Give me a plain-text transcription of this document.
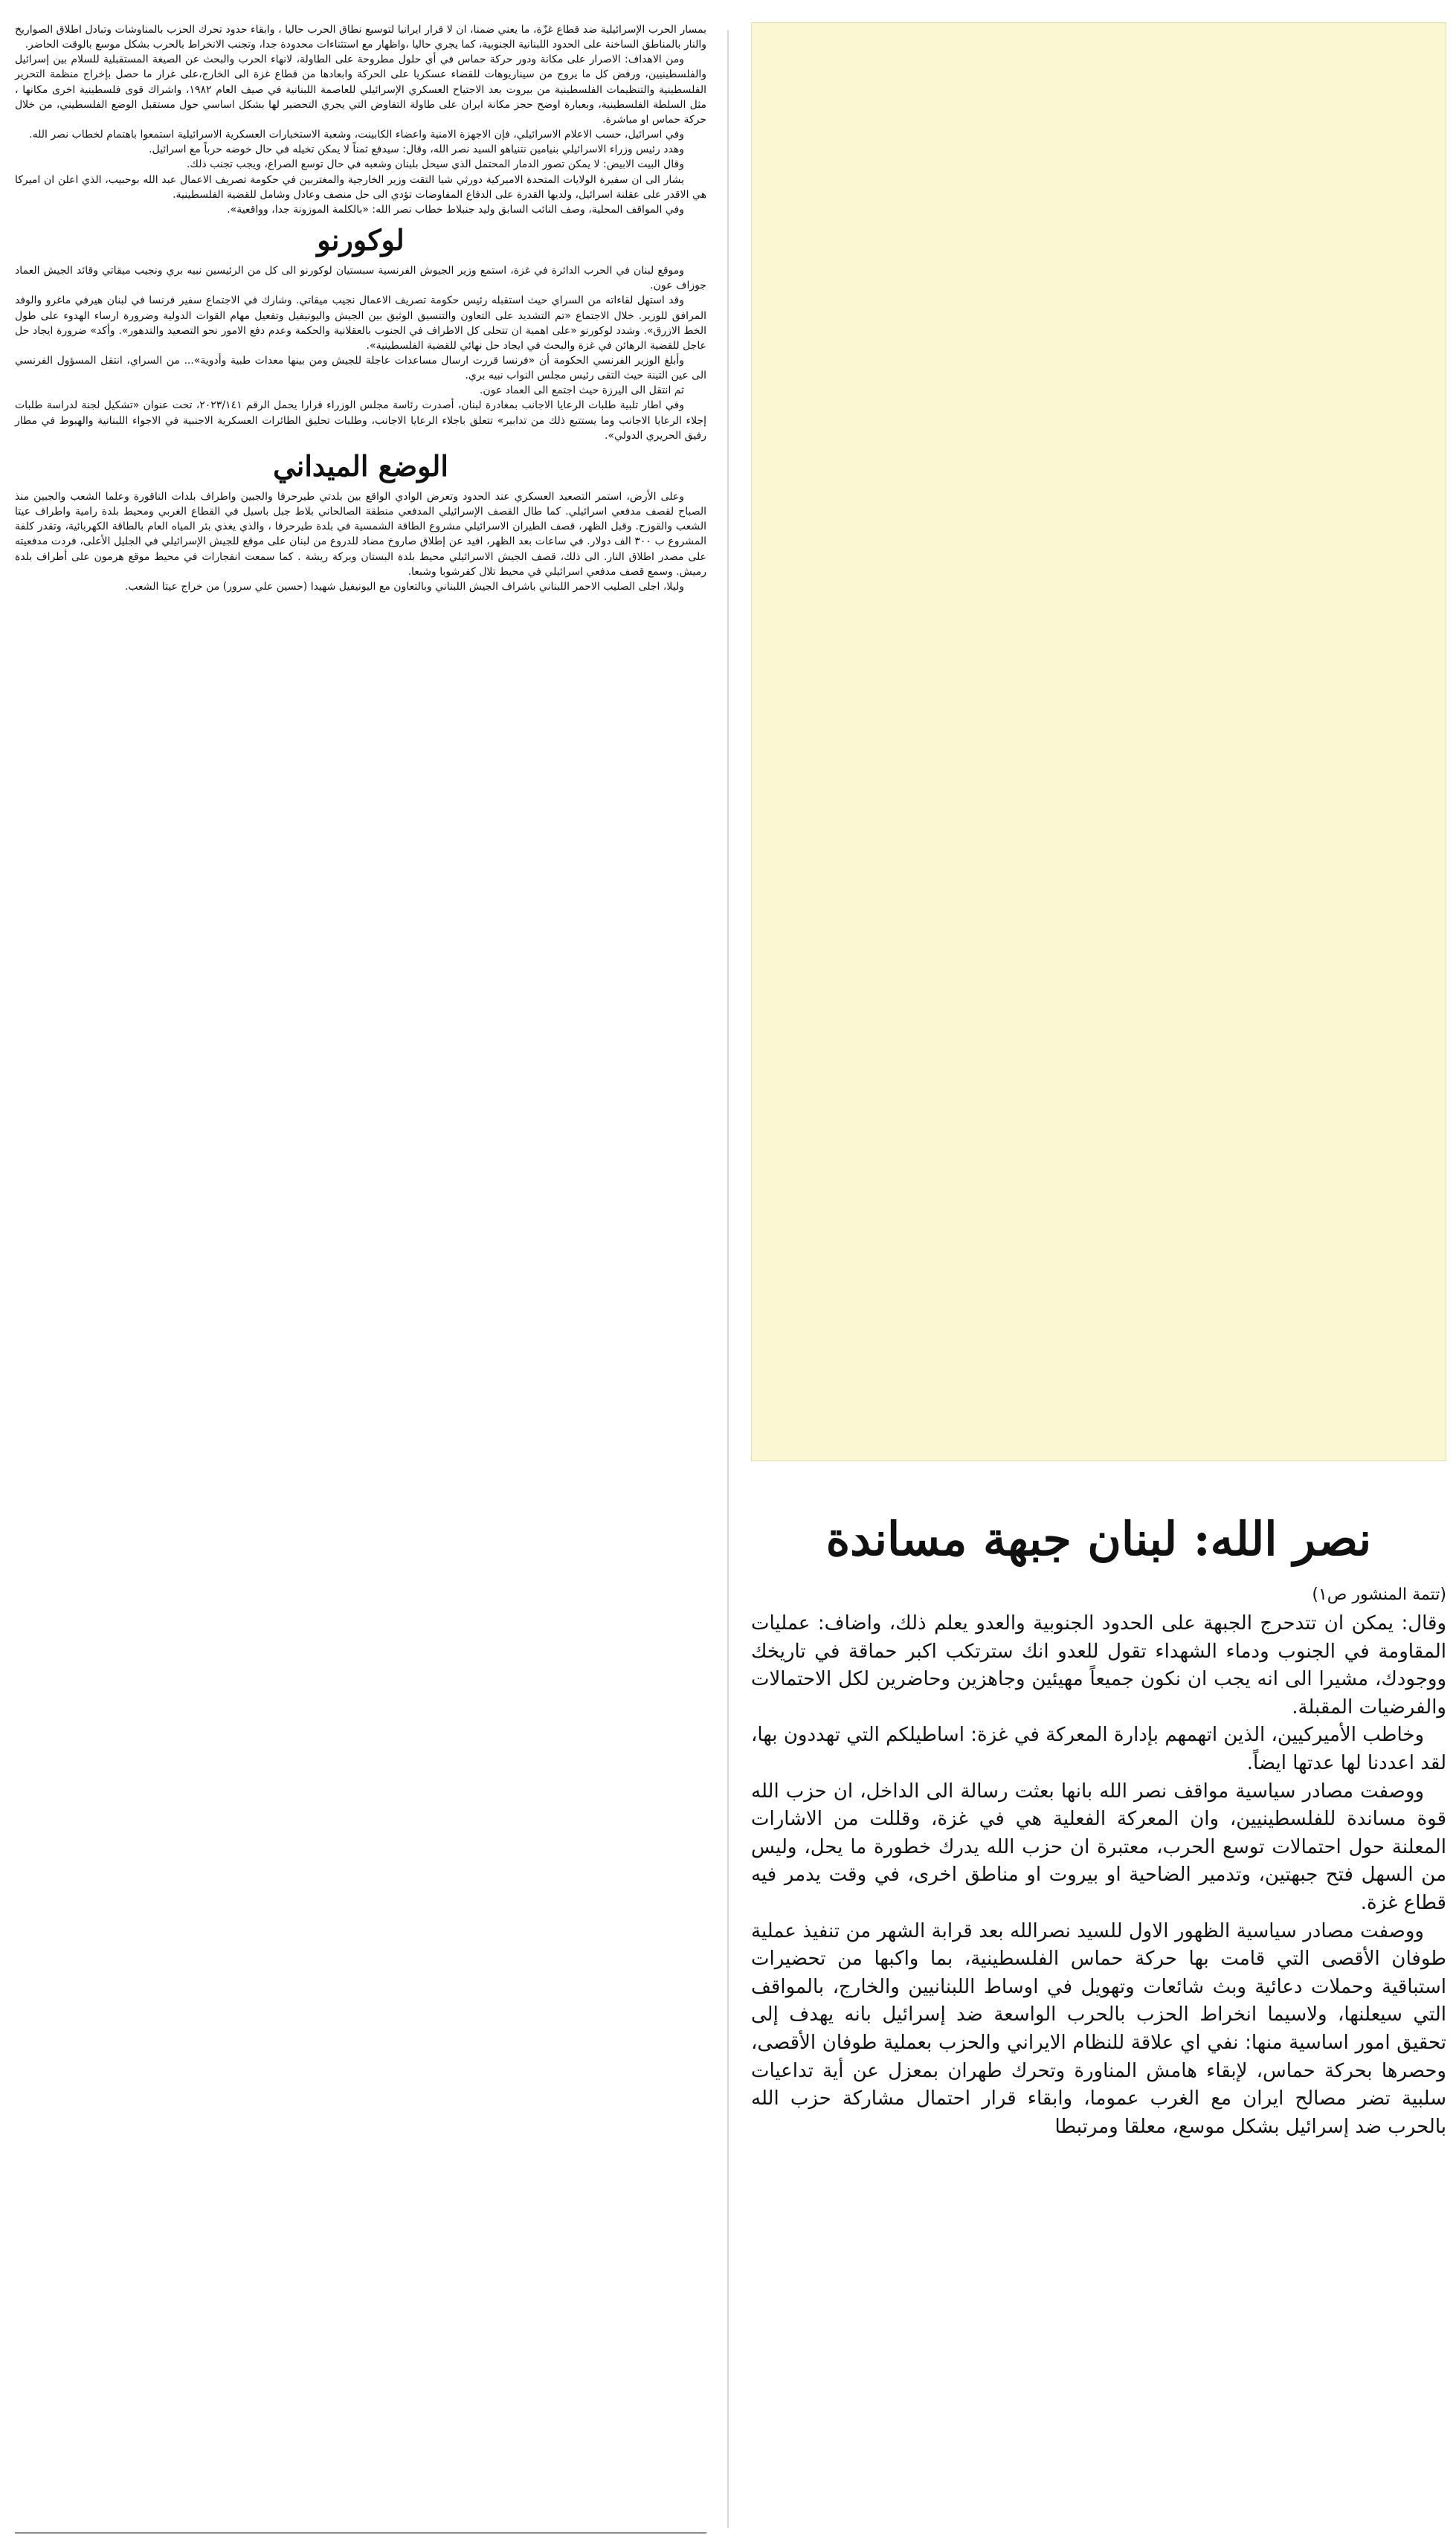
بمسار الحرب الإسرائيلية ضد قطاع غزّة، ما يعني ضمنا، ان لا قرار ايرانيا لتوسيع نطاق الحرب حاليا ، وابقاء حدود تحرك الحزب بالمناوشات وتبادل اطلاق الصواريخ والنار بالمناطق الساخنة على الحدود اللبنانية الجنوبية، كما يجري حاليا ،واظهار مع استثناءات محدودة جدا، وتجنب الانخراط بالحرب بشكل موسع بالوقت الحاضر.

ومن الاهداف: الاصرار على مكانة ودور حركة حماس في أي حلول مطروحة على الطاولة، لانهاء الحرب والبحث عن الصيغة المستقبلية للسلام بين إسرائيل والفلسطينيين، ورفض كل ما يروج من سيناريوهات للقضاء عسكريا على الحركة وابعادها من قطاع غزة الى الخارج،على غرار ما حصل بإخراج منظمة التحرير الفلسطينية والتنظيمات الفلسطينية من بيروت بعد الاجتياح العسكري الإسرائيلي للعاصمة اللبنانية في صيف العام ١٩٨٢، واشراك قوى فلسطينية اخرى مكانها ، مثل السلطة الفلسطينية، وبعبارة اوضح حجز مكانة ايران على طاولة التفاوض التي يجري التحضير لها بشكل اساسي حول مستقبل الوضع الفلسطيني، من خلال حركة حماس او مباشرة.

وفي اسرائيل، حسب الاعلام الاسرائيلي، فإن الاجهزة الامنية واعضاء الكابينت، وشعبة الاستخبارات العسكرية الاسرائيلية استمعوا باهتمام لخطاب نصر الله.

وهدد رئيس وزراء الاسرائيلي بنيامين نتنياهو السيد نصر الله، وقال: سيدفع ثمناً لا يمكن تخيله في حال خوضه حرباً مع اسرائيل.

وقال البيت الابيض: لا يمكن تصور الدمار المحتمل الذي سيحل بلبنان وشعبه في حال توسع الصراع، ويجب تجنب ذلك.

يشار الى ان سفيرة الولايات المتحدة الاميركية دورثي شيا التقت وزير الخارجية والمغتربين في حكومة تصريف الاعمال عبد الله بوحبيب، الذي اعلن ان اميركا هي الاقدر على عقلنة اسرائيل، ولديها القدرة على الدفاع المفاوضات تؤدي الى حل منصف وعادل وشامل للقضية الفلسطينية.

وفي المواقف المحلية، وصف النائب السابق وليد جنبلاط خطاب نصر الله: «بالكلمة الموزونة جدا، وواقعية».

لوكورنو

وموقع لبنان في الحرب الدائرة في غزة، استمع وزير الجيوش الفرنسية سبستيان لوكورنو الى كل من الرئيسين نبيه بري ونجيب ميقاتي وقائد الجيش العماد جوزاف عون.

وقد استهل لقاءاته من السراي حيث استقبله رئيس حكومة تصريف الاعمال نجيب ميقاتي. وشارك في الاجتماع سفير فرنسا في لبنان هيرفي ماغرو والوفد المرافق للوزير. خلال الاجتماع «تم التشديد على التعاون والتنسيق الوثيق بين الجيش واليونيفيل وتفعيل مهام القوات الدولية وضرورة ارساء الهدوء على طول الخط الازرق». وشدد لوكورنو «على اهمية ان تتحلى كل الاطراف في الجنوب بالعقلانية والحكمة وعدم دفع الامور نحو التصعيد والتدهور». وأكد» ضرورة ايجاد حل عاجل للقضية الرهائن في غزة والبحث في ايجاد حل نهائي للقضية الفلسطينية».

وأبلغ الوزير الفرنسي الحكومة أن «فرنسا قررت ارسال مساعدات عاجلة للجيش ومن بينها معدات طبية وأدوية»... من السراي، انتقل المسؤول الفرنسي الى عين التينة حيث التقى رئيس مجلس النواب نبيه بري.

ثم انتقل الى اليرزة حيث اجتمع الى العماد عون.

وفي اطار تلبية طلبات الرعايا الاجانب بمغادرة لبنان، أصدرت رئاسة مجلس الوزراء قرارا يحمل الرقم ٢٠٢٣/١٤١، تحت عنوان «تشكيل لجنة لدراسة طلبات إجلاء الرعايا الاجانب وما يستتبع ذلك من تدابير» تتعلق باجلاء الرعايا الاجانب، وطلبات تحليق الطائرات العسكرية الاجنبية في الاجواء اللبنانية والهبوط في مطار رفيق الحريري الدولي».

الوضع الميداني

وعلى الأرض، استمر التصعيد العسكري عند الحدود وتعرض الوادي الواقع بين بلدتي طيرحرفا والجبين واطراف بلدات الناقورة وعلما الشعب والجبين منذ الصباح لقصف مدفعي اسرائيلي. كما طال القصف الإسرائيلي المدفعي منطقة الصالحاني بلاط جبل باسيل في القطاع الغربي ومحيط بلدة رامية واطراف عيتا الشعب والقوزح. وقبل الظهر، قصف الطيران الاسرائيلي مشروع الطاقة الشمسية في بلدة طيرحرفا ، والذي يغذي بئر المياه العام بالطاقة الكهربائية، وتقدر كلفة المشروع ب ٣٠٠ الف دولار. في ساعات بعد الظهر، افيد عن إطلاق صاروخ مضاد للدروع من لبنان على موقع للجيش الإسرائيلي في الجليل الأعلى، فردت مدفعيته على مصدر اطلاق النار. الى ذلك، قصف الجيش الاسرائيلي محيط بلدة البستان وبركة ريشة . كما سمعت انفجارات في محيط موقع هرمون على أطراف بلدة رميش. وسمع قصف مدفعي اسرائيلي في محيط تلال كفرشوبا وشبعا.

وليلا، اجلى الصليب الاحمر اللبناني باشراف الجيش اللبناني وبالتعاون مع اليونيفيل شهيدا (حسين علي سرور) من خراج عيتا الشعب.

نصر الله: لبنان جبهة مساندة
(تتمة المنشور ص١)

وقال: يمكن ان تتدحرج الجبهة على الحدود الجنوبية والعدو يعلم ذلك، واضاف: عمليات المقاومة في الجنوب ودماء الشهداء تقول للعدو انك سترتكب اكبر حماقة في تاريخك ووجودك، مشيرا الى انه يجب ان نكون جميعاً مهيئين وجاهزين وحاضرين لكل الاحتمالات والفرضيات المقبلة.

وخاطب الأميركيين، الذين اتهمهم بإدارة المعركة في غزة: اساطيلكم التي تهددون بها، لقد اعددنا لها عدتها ايضاً.

ووصفت مصادر سياسية مواقف نصر الله بانها بعثت رسالة الى الداخل، ان حزب الله قوة مساندة للفلسطينيين، وان المعركة الفعلية هي في غزة، وقللت من الاشارات المعلنة حول احتمالات توسع الحرب، معتبرة ان حزب الله يدرك خطورة ما يحل، وليس من السهل فتح جبهتين، وتدمير الضاحية او بيروت او مناطق اخرى، في وقت يدمر فيه قطاع غزة.

ووصفت مصادر سياسية الظهور الاول للسيد نصرالله بعد قرابة الشهر من تنفيذ عملية طوفان الأقصى التي قامت بها حركة حماس الفلسطينية، بما واكبها من تحضيرات استباقية وحملات دعائية وبث شائعات وتهويل في اوساط اللبنانيين والخارج، بالمواقف التي سيعلنها، ولاسيما انخراط الحزب بالحرب الواسعة ضد إسرائيل بانه يهدف إلى تحقيق امور اساسية منها: نفي اي علاقة للنظام الايراني والحزب بعملية طوفان الأقصى، وحصرها بحركة حماس، لإبقاء هامش المناورة وتحرك طهران بمعزل عن أية تداعيات سلبية تضر مصالح ايران مع الغرب عموما، وابقاء قرار احتمال مشاركة حزب الله بالحرب ضد إسرائيل بشكل موسع، معلقا ومرتبطا
